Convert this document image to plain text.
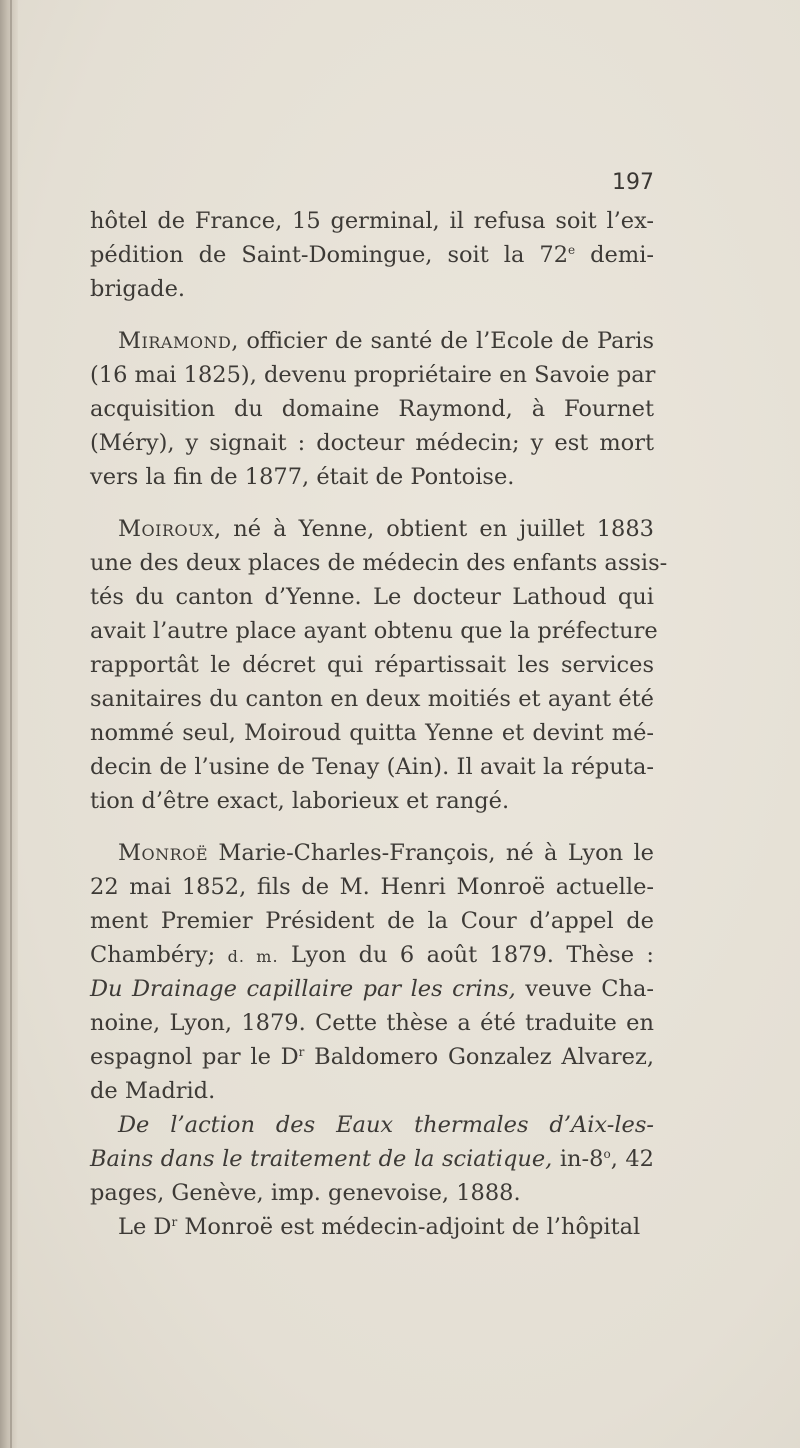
197
hôtel de France, 15 germinal, il refusa soit l’ex-
pédition de Saint-Domingue, soit la 72e demi-
brigade.
Miramond, officier de santé de l’Ecole de Paris
(16 mai 1825), devenu propriétaire en Savoie par
acquisition du domaine Raymond, à Fournet
(Méry), y signait : docteur médecin; y est mort
vers la fin de 1877, était de Pontoise.
Moiroux, né à Yenne, obtient en juillet 1883
une des deux places de médecin des enfants assis-
tés du canton d’Yenne. Le docteur Lathoud qui
avait l’autre place ayant obtenu que la préfecture
rapportât le décret qui répartissait les services
sanitaires du canton en deux moitiés et ayant été
nommé seul, Moiroud quitta Yenne et devint mé-
decin de l’usine de Tenay (Ain). Il avait la réputa-
tion d’être exact, laborieux et rangé.
Monroë Marie-Charles-François, né à Lyon le
22 mai 1852, fils de M. Henri Monroë actuelle-
ment Premier Président de la Cour d’appel de
Chambéry; d. m. Lyon du 6 août 1879. Thèse :
Du Drainage capillaire par les crins, veuve Cha-
noine, Lyon, 1879. Cette thèse a été traduite en
espagnol par le $D^r$ Baldomero Gonzalez Alvarez,
de Madrid.
De l’action des Eaux thermales d’Aix-les-
Bains dans le traitement de la sciatique, in-8$^o$, 42
pages, Genève, imp. genevoise, 1888.
Le $D^r$ Monroë est médecin-adjoint de l’hôpital
